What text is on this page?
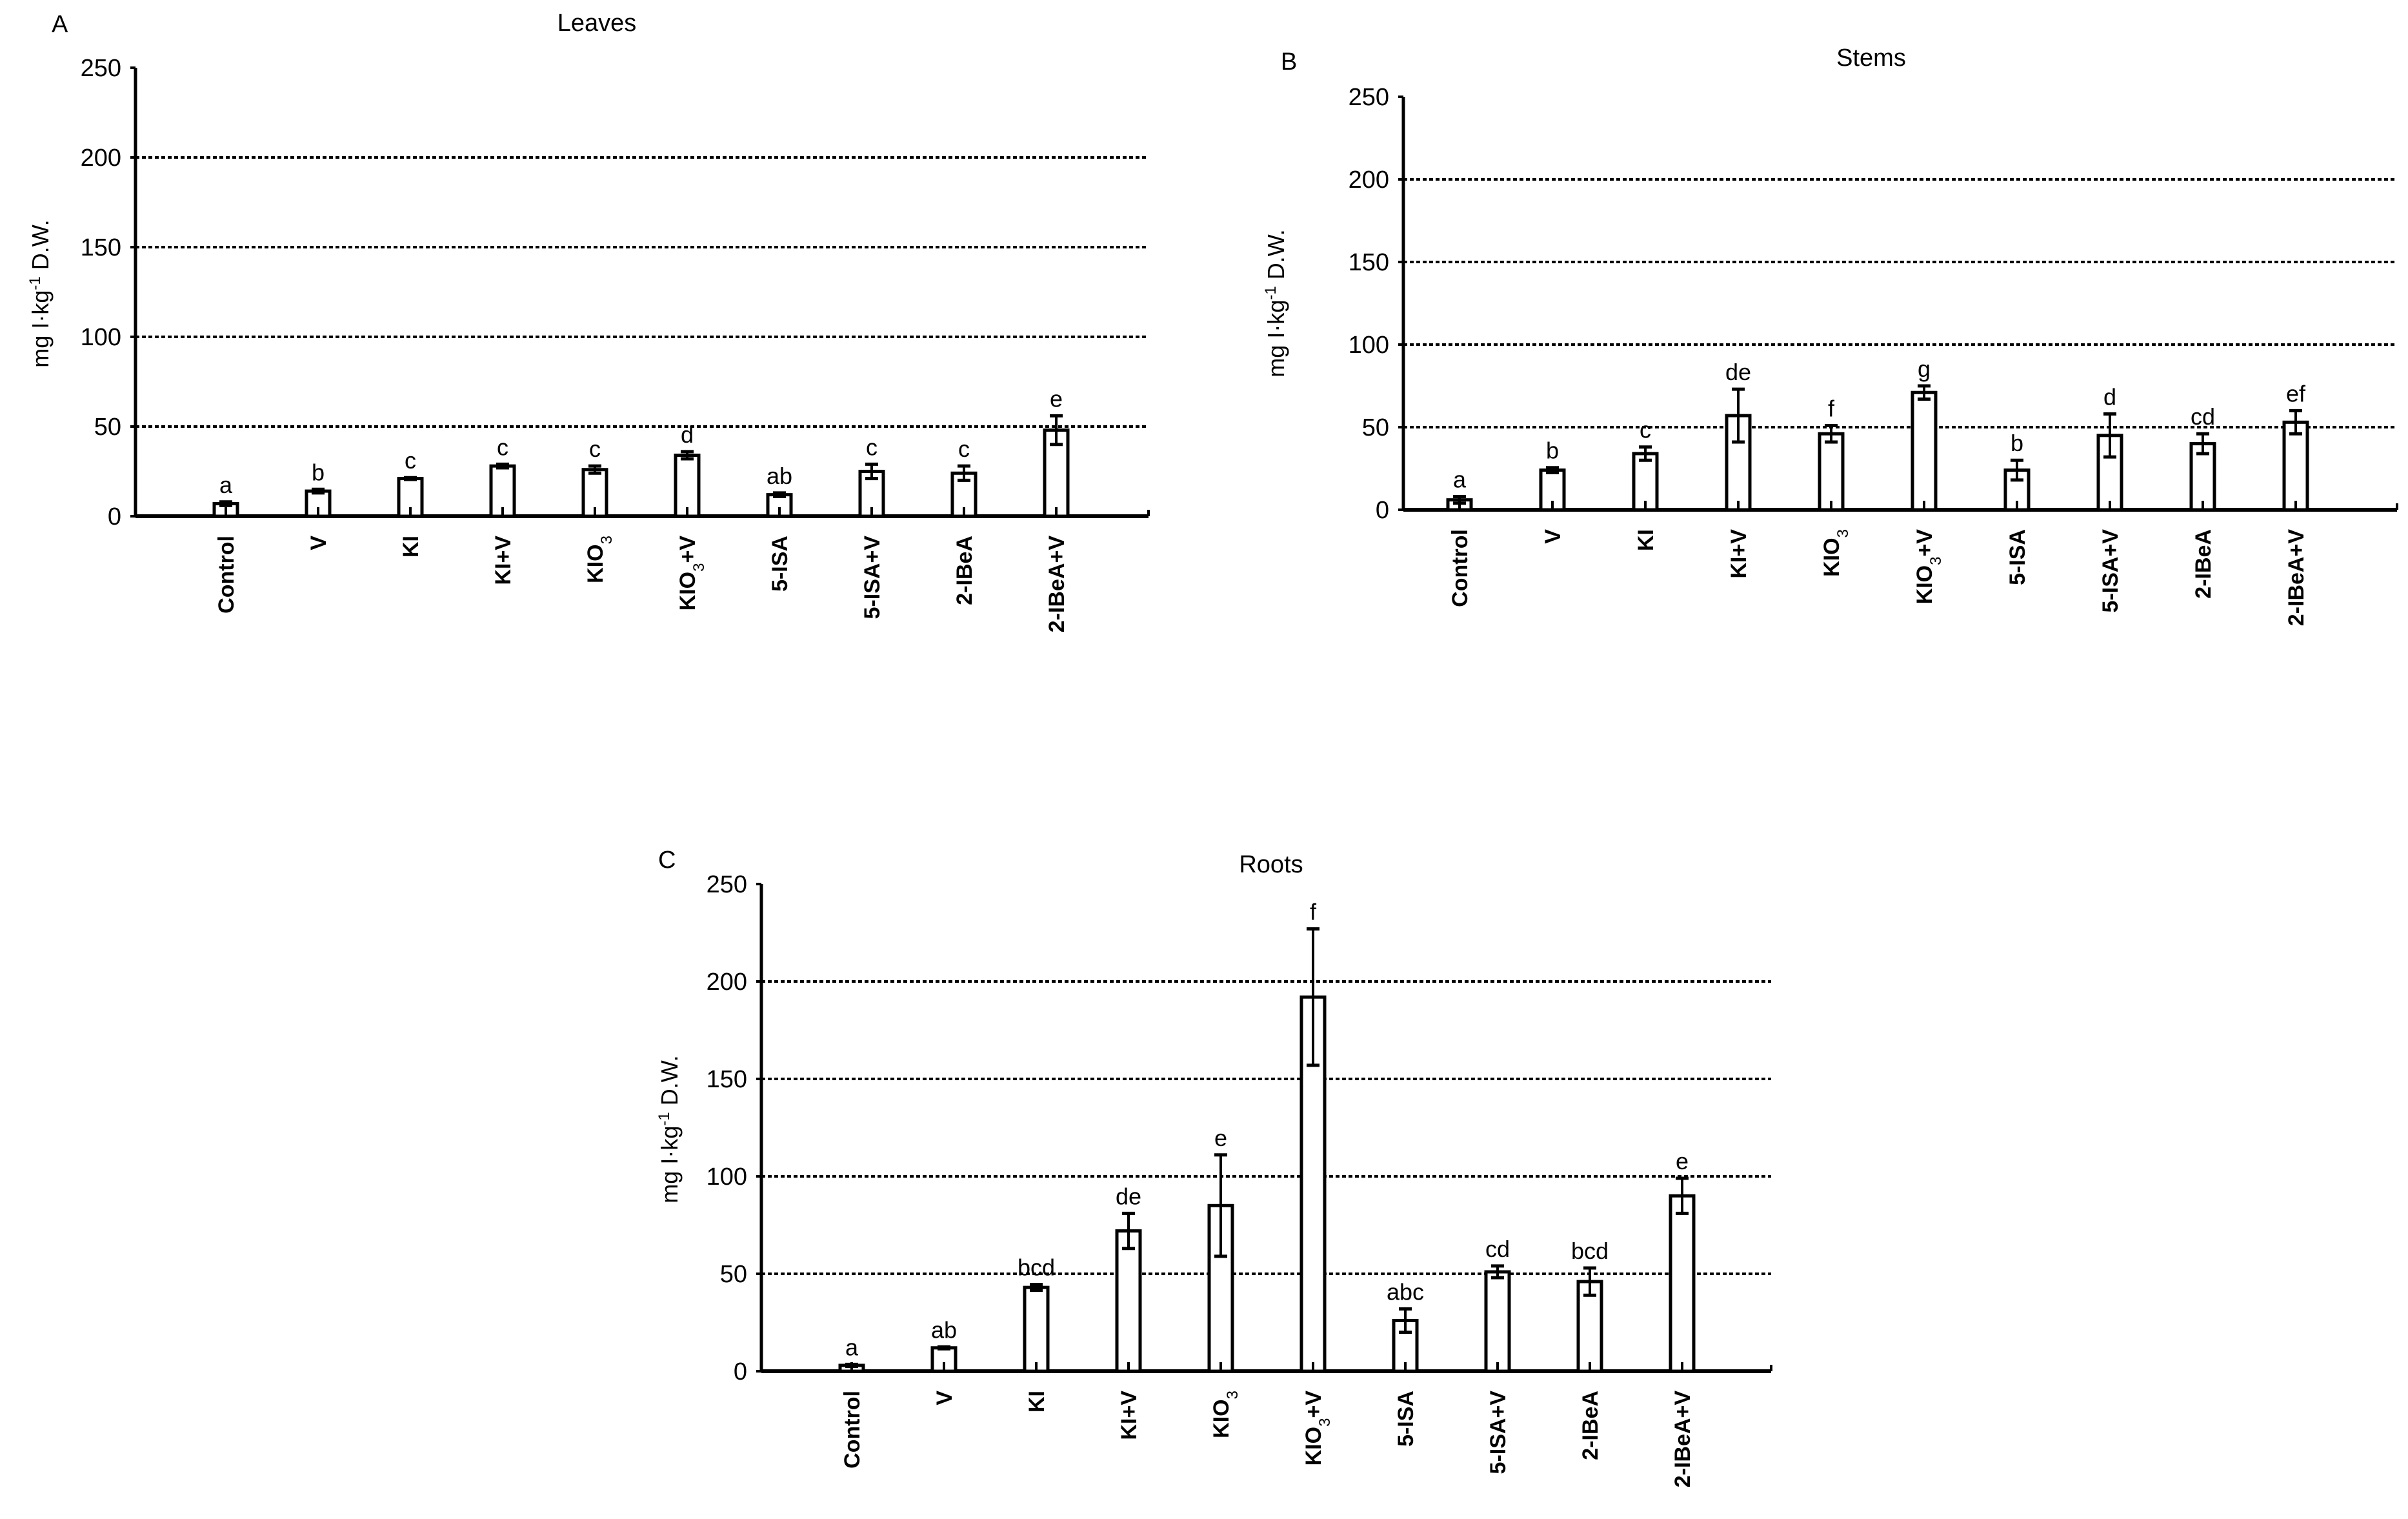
A	Leaves
mg $I\cdot kg^{-1}$ D.W.
0
50
100
150
200
250
a
Control
b
V
c
KI
c
KI+V
c
$KIO_3$
d
$KIO_3+V$
ab
5-ISA
c
5-ISA+V
c
2-IBeA
e
2-IBeA+V
B	Stems
mg $I\cdot kg^{-1}$ D.W.
0
50
100
150
200
250
a
Control
b
V
c
KI
de
KI+V
f
$KIO_3$
g
$KIO_3+V$
b
5-ISA
d
5-ISA+V
cd
2-IBeA
ef
2-IBeA+V
C	Roots
mg $I\cdot kg^{-1}$ D.W.
0
50
100
150
200
250
a
Control
ab
V
bcd
KI
de
KI+V
e
$KIO_3$
f
$KIO_3+V$
abc
5-ISA
cd
5-ISA+V
bcd
2-IBeA
e
2-IBeA+V
